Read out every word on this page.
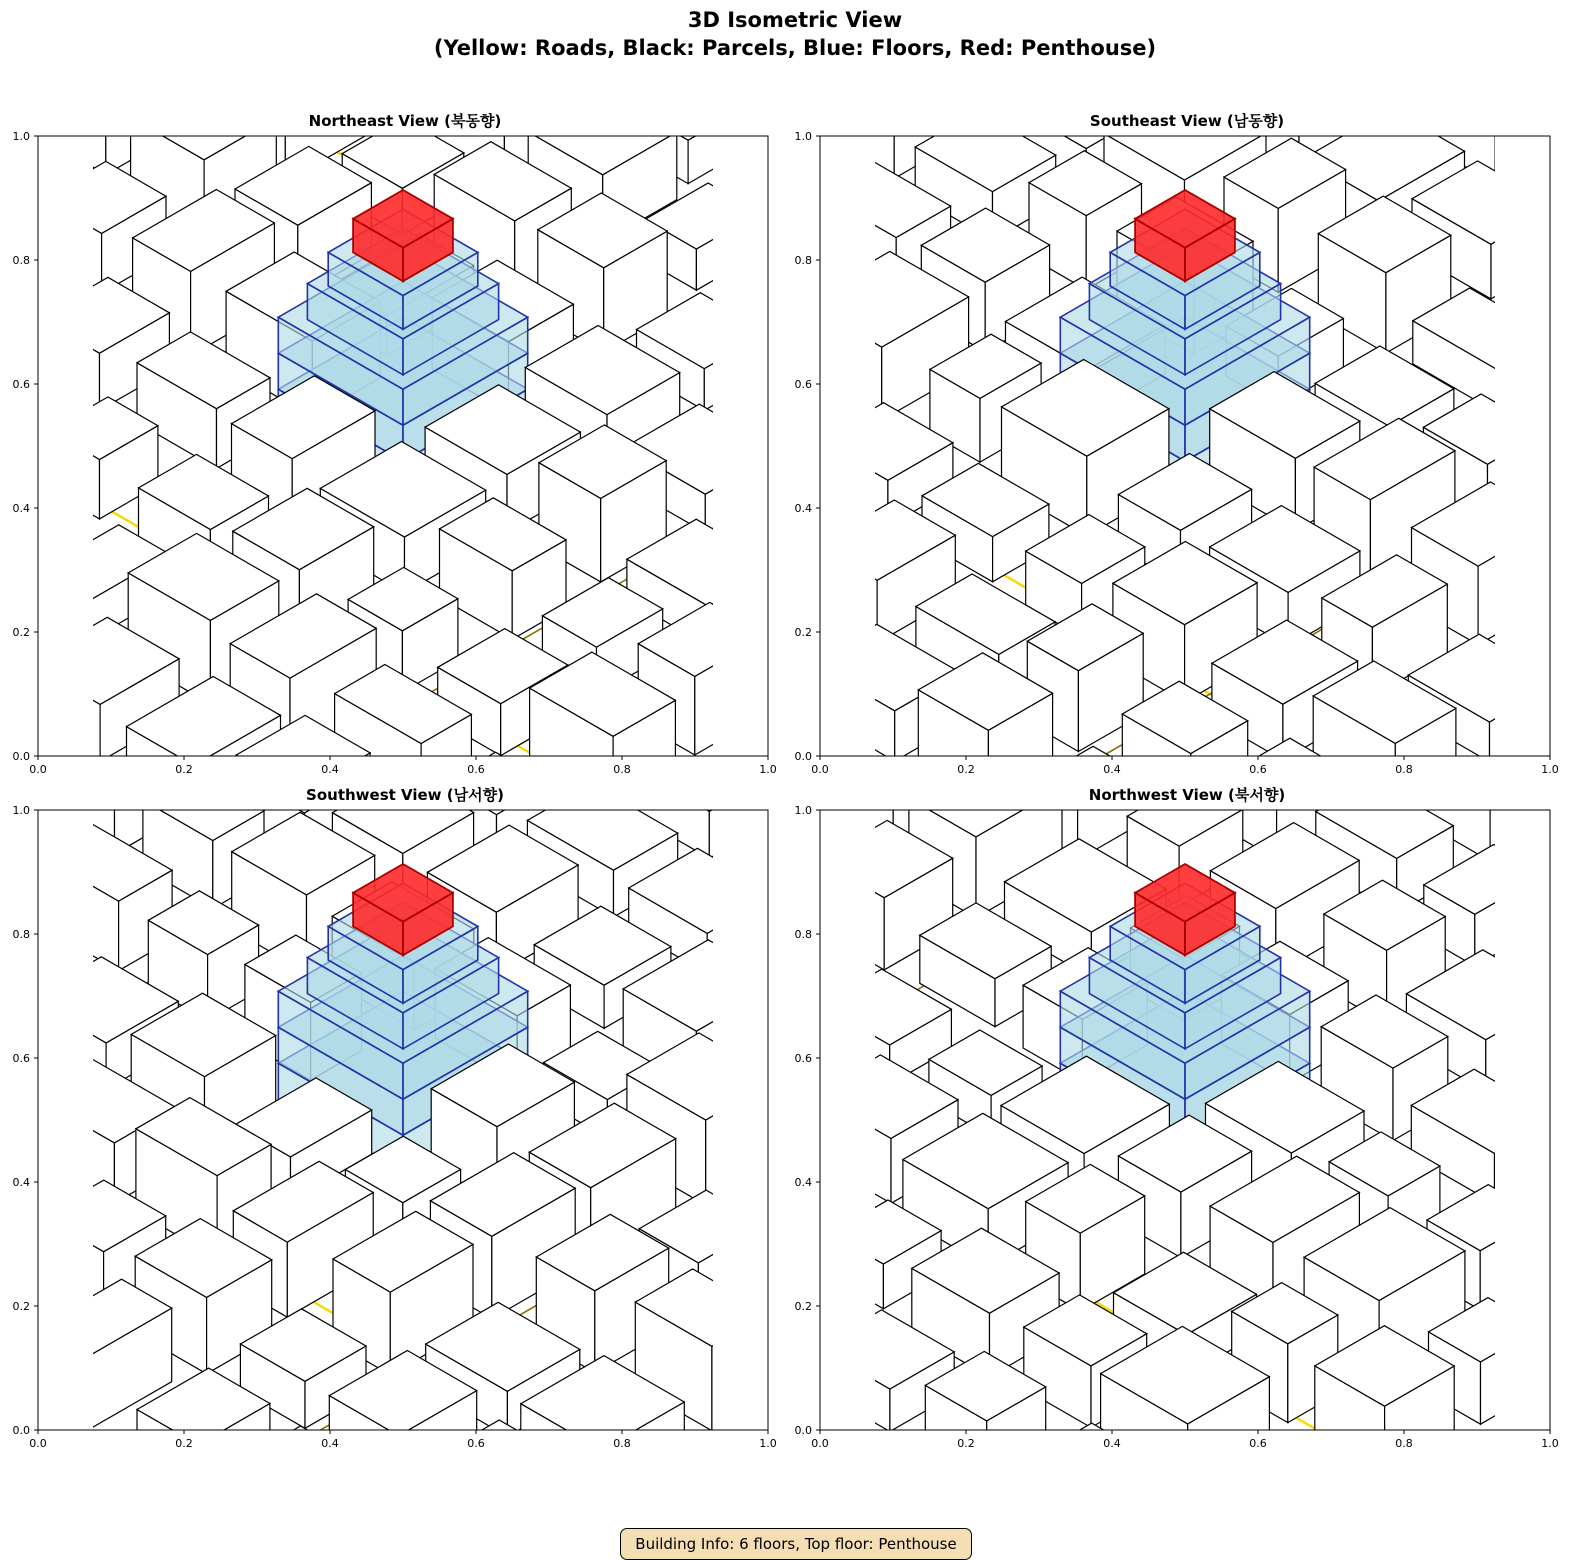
3D Isometric View
(Yellow: Roads, Black: Parcels, Blue: Floors, Red: Penthouse)
Northeast View (북동향)
0.0
0.0
0.2
0.2
0.4
0.4
0.6
0.6
0.8
0.8
1.0
1.0
Southeast View (남동향)
0.0
0.0
0.2
0.2
0.4
0.4
0.6
0.6
0.8
0.8
1.0
1.0
Southwest View (남서향)
0.0
0.0
0.2
0.2
0.4
0.4
0.6
0.6
0.8
0.8
1.0
1.0
Northwest View (북서향)
0.0
0.0
0.2
0.2
0.4
0.4
0.6
0.6
0.8
0.8
1.0
1.0
Building Info: 6 floors, Top floor: Penthouse
